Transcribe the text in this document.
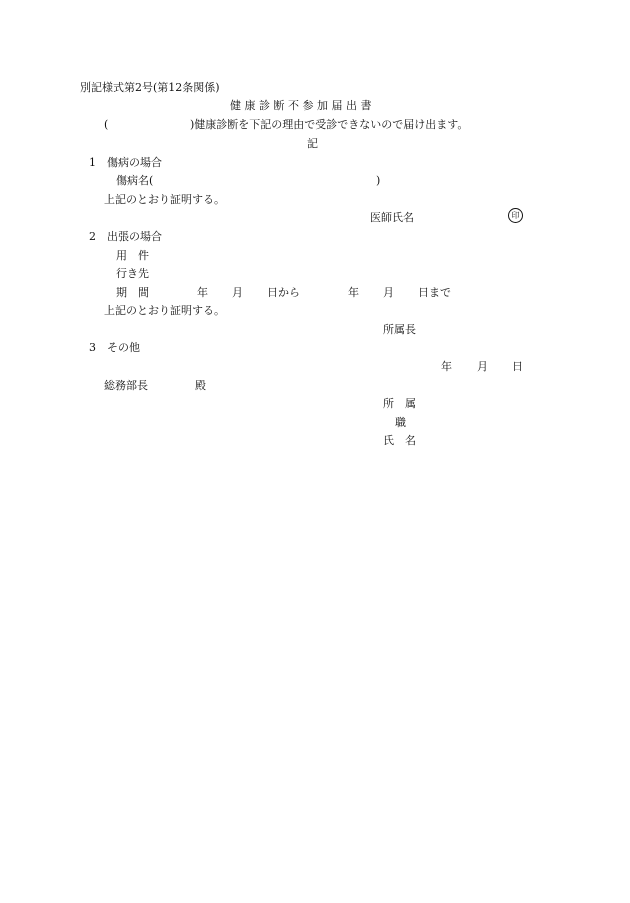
別記様式第2号(第12条関係)
健 康 診 断 不 参 加 届 出 書
(	)健康診断を下記の理由で受診できないので届け出ます。
記
1　傷病の場合
傷病名(	)
上記のとおり証明する。
医師氏名	印
2　出張の場合
用　件
行き先
期　間	年 月 日から	年 月 日まで
上記のとおり証明する。
所属長
3　その他
年 月 日
総務部長	殿
所　属
職
氏　名
